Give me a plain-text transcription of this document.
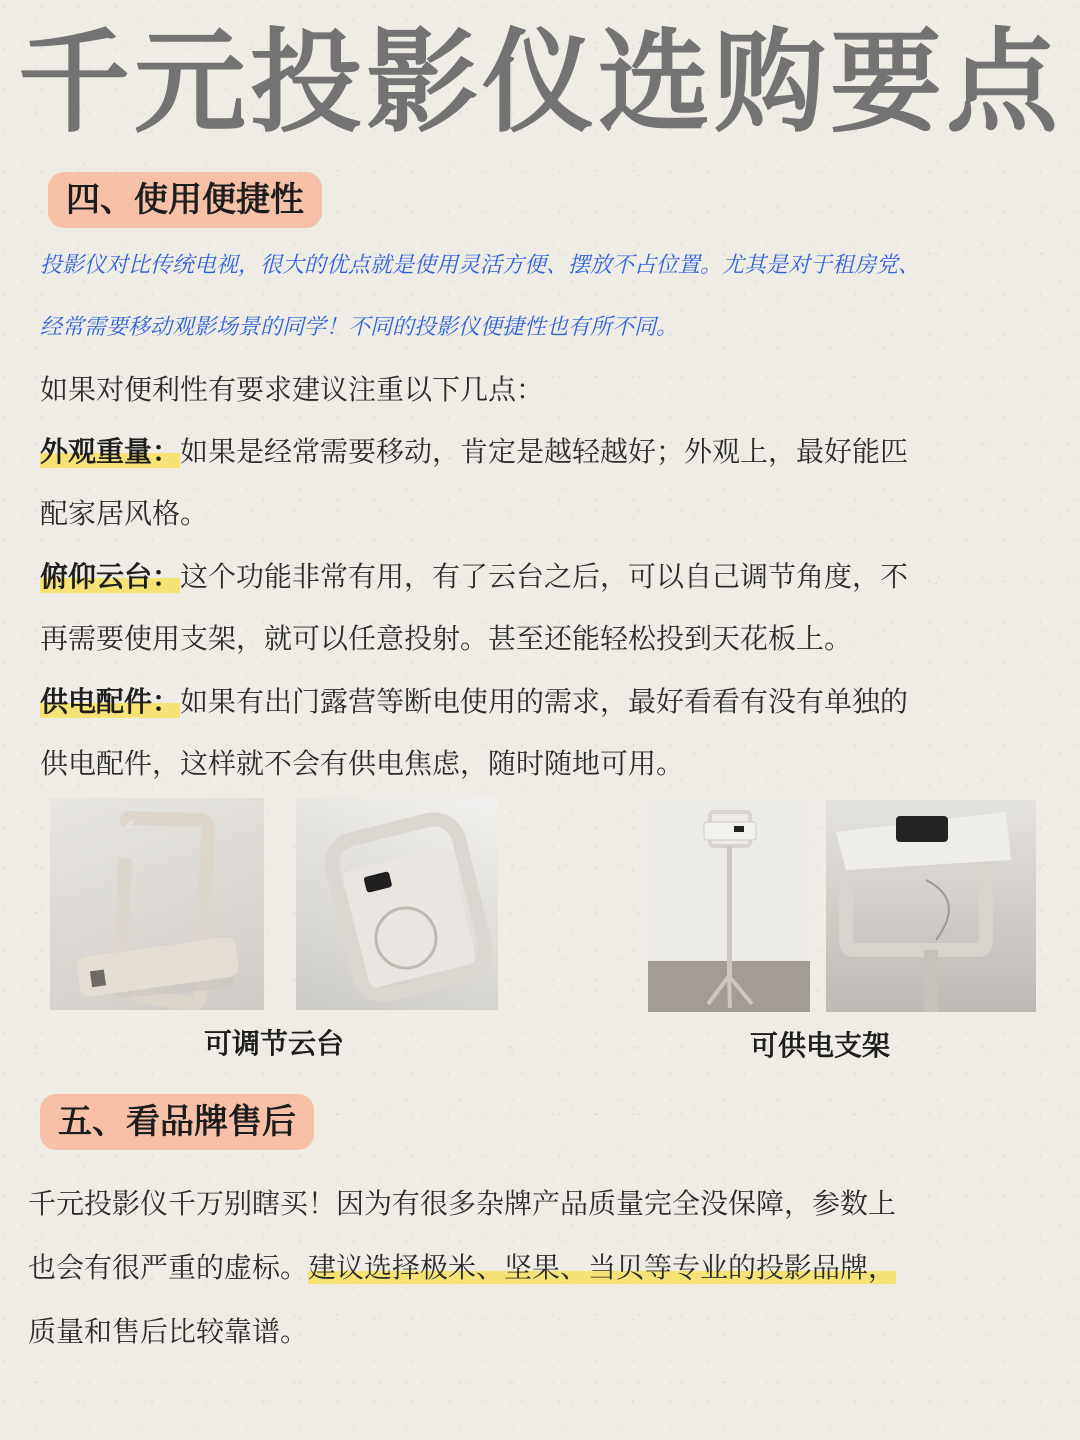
千元投影仪选购要点
四、使用便捷性
投影仪对比传统电视，很大的优点就是使用灵活方便、摆放不占位置。尤其是对于租房党、
经常需要移动观影场景的同学！不同的投影仪便捷性也有所不同。
如果对便利性有要求建议注重以下几点：
外观重量：如果是经常需要移动，肯定是越轻越好；外观上，最好能匹
配家居风格。
俯仰云台：这个功能非常有用，有了云台之后，可以自己调节角度，不
再需要使用支架，就可以任意投射。甚至还能轻松投到天花板上。
供电配件：如果有出门露营等断电使用的需求，最好看看有没有单独的
供电配件，这样就不会有供电焦虑，随时随地可用。
可调节云台	可供电支架
五、看品牌售后
千元投影仪千万别瞎买！因为有很多杂牌产品质量完全没保障，参数上
也会有很严重的虚标。建议选择极米、坚果、当贝等专业的投影品牌，
质量和售后比较靠谱。
